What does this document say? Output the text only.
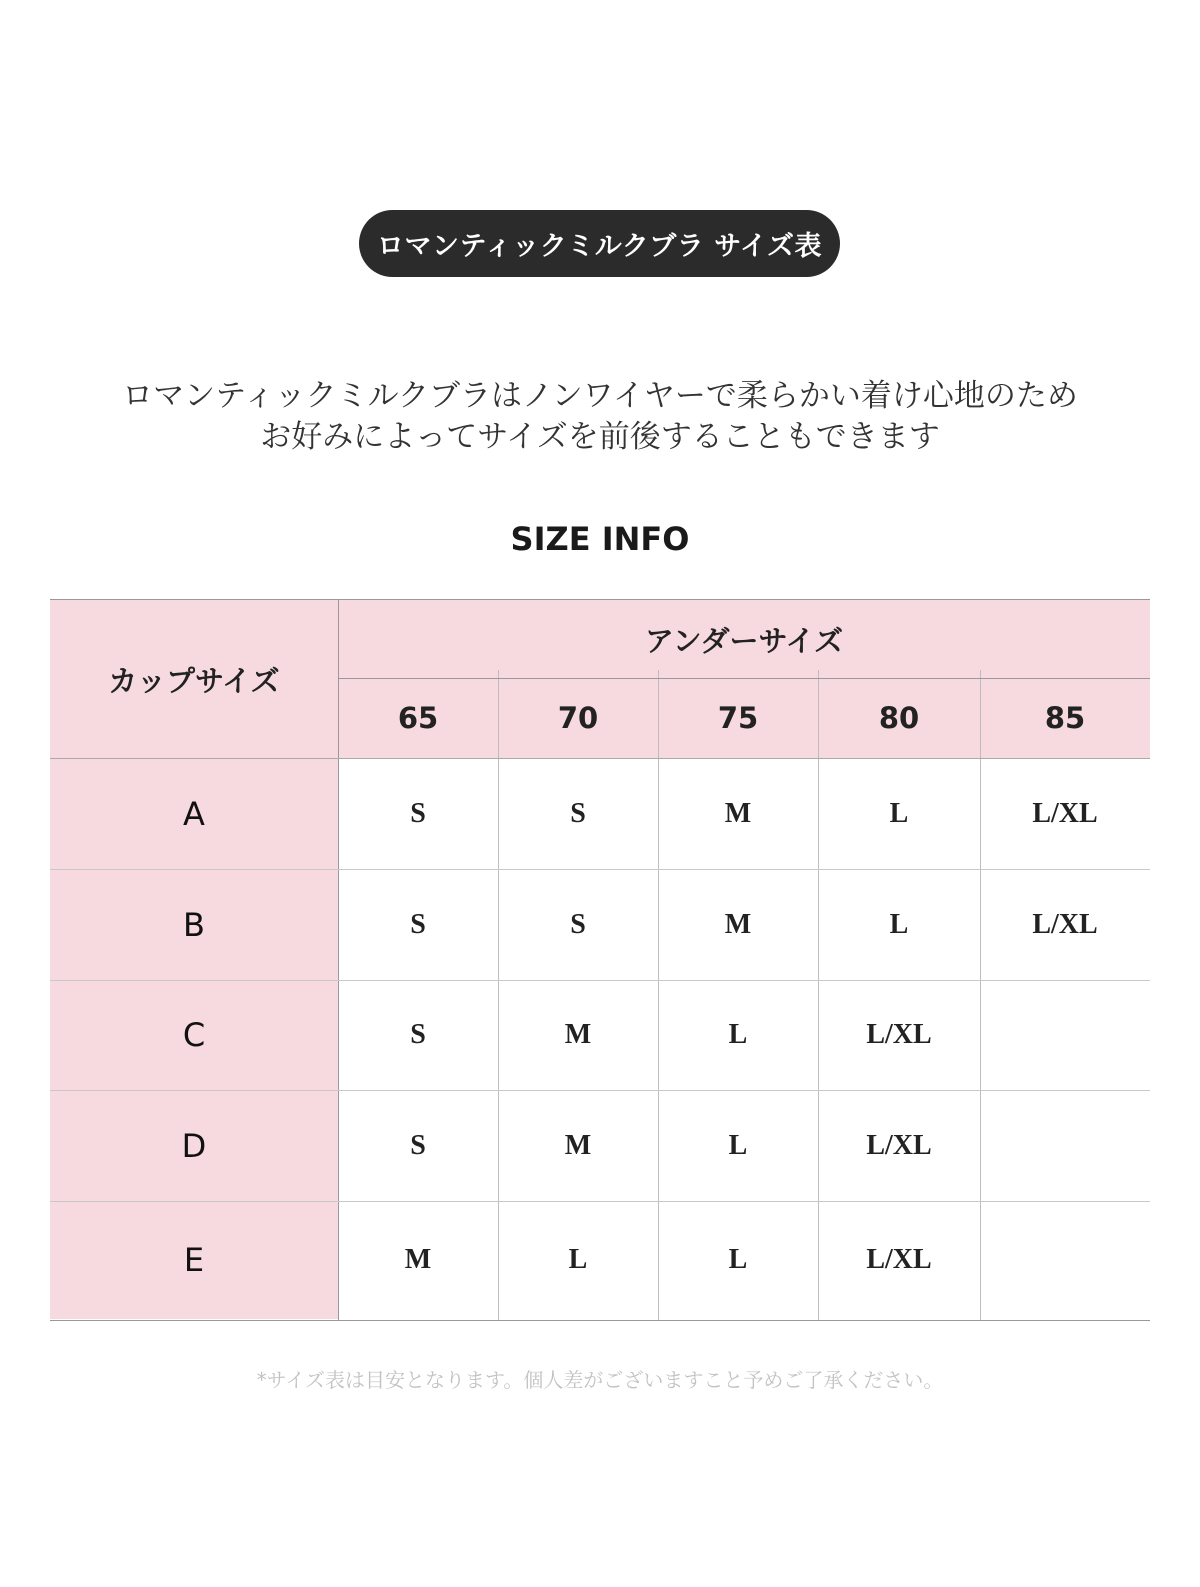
ロマンティックミルクブラ サイズ表
ロマンティックミルクブラはノンワイヤーで柔らかい着け心地のため
お好みによってサイズを前後することもできます
SIZE INFO
カップサイズ
アンダーサイズ
65	70	75	80	85
A	S	S	M	L	L/XL
B	S	S	M	L	L/XL
C	S	M	L	L/XL
D	S	M	L	L/XL
E	M	L	L	L/XL
*サイズ表は目安となります。個人差がございますこと予めご了承ください。
